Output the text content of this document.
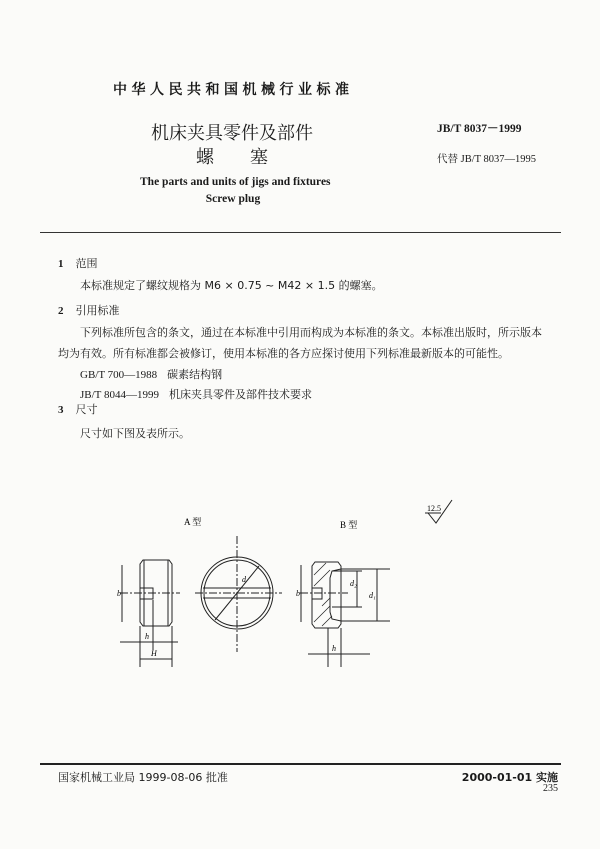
中华人民共和国机械行业标准
机床夹具零件及部件
螺　　塞
JB/T 8037－1999
代替 JB/T 8037—1995
The parts and units of jigs and fixtures
Screw plug
1 范围
本标准规定了螺纹规格为 M6 × 0.75 ~ M42 × 1.5 的螺塞。
2 引用标准
下列标准所包含的条文，通过在本标准中引用而构成为本标准的条文。本标准出版时，所示版本
均为有效。所有标准都会被修订，使用本标准的各方应探讨使用下列标准最新版本的可能性。
GB/T 700—1988 碳素结构钢
JB/T 8044—1999 机床夹具零件及部件技术要求
3 尺寸
尺寸如下图及表所示。
A 型	B 型
12.5
b
h
H
d
b
d₂
d₁
h
国家机械工业局 1999-08-06 批准	2000-01-01 实施
235
